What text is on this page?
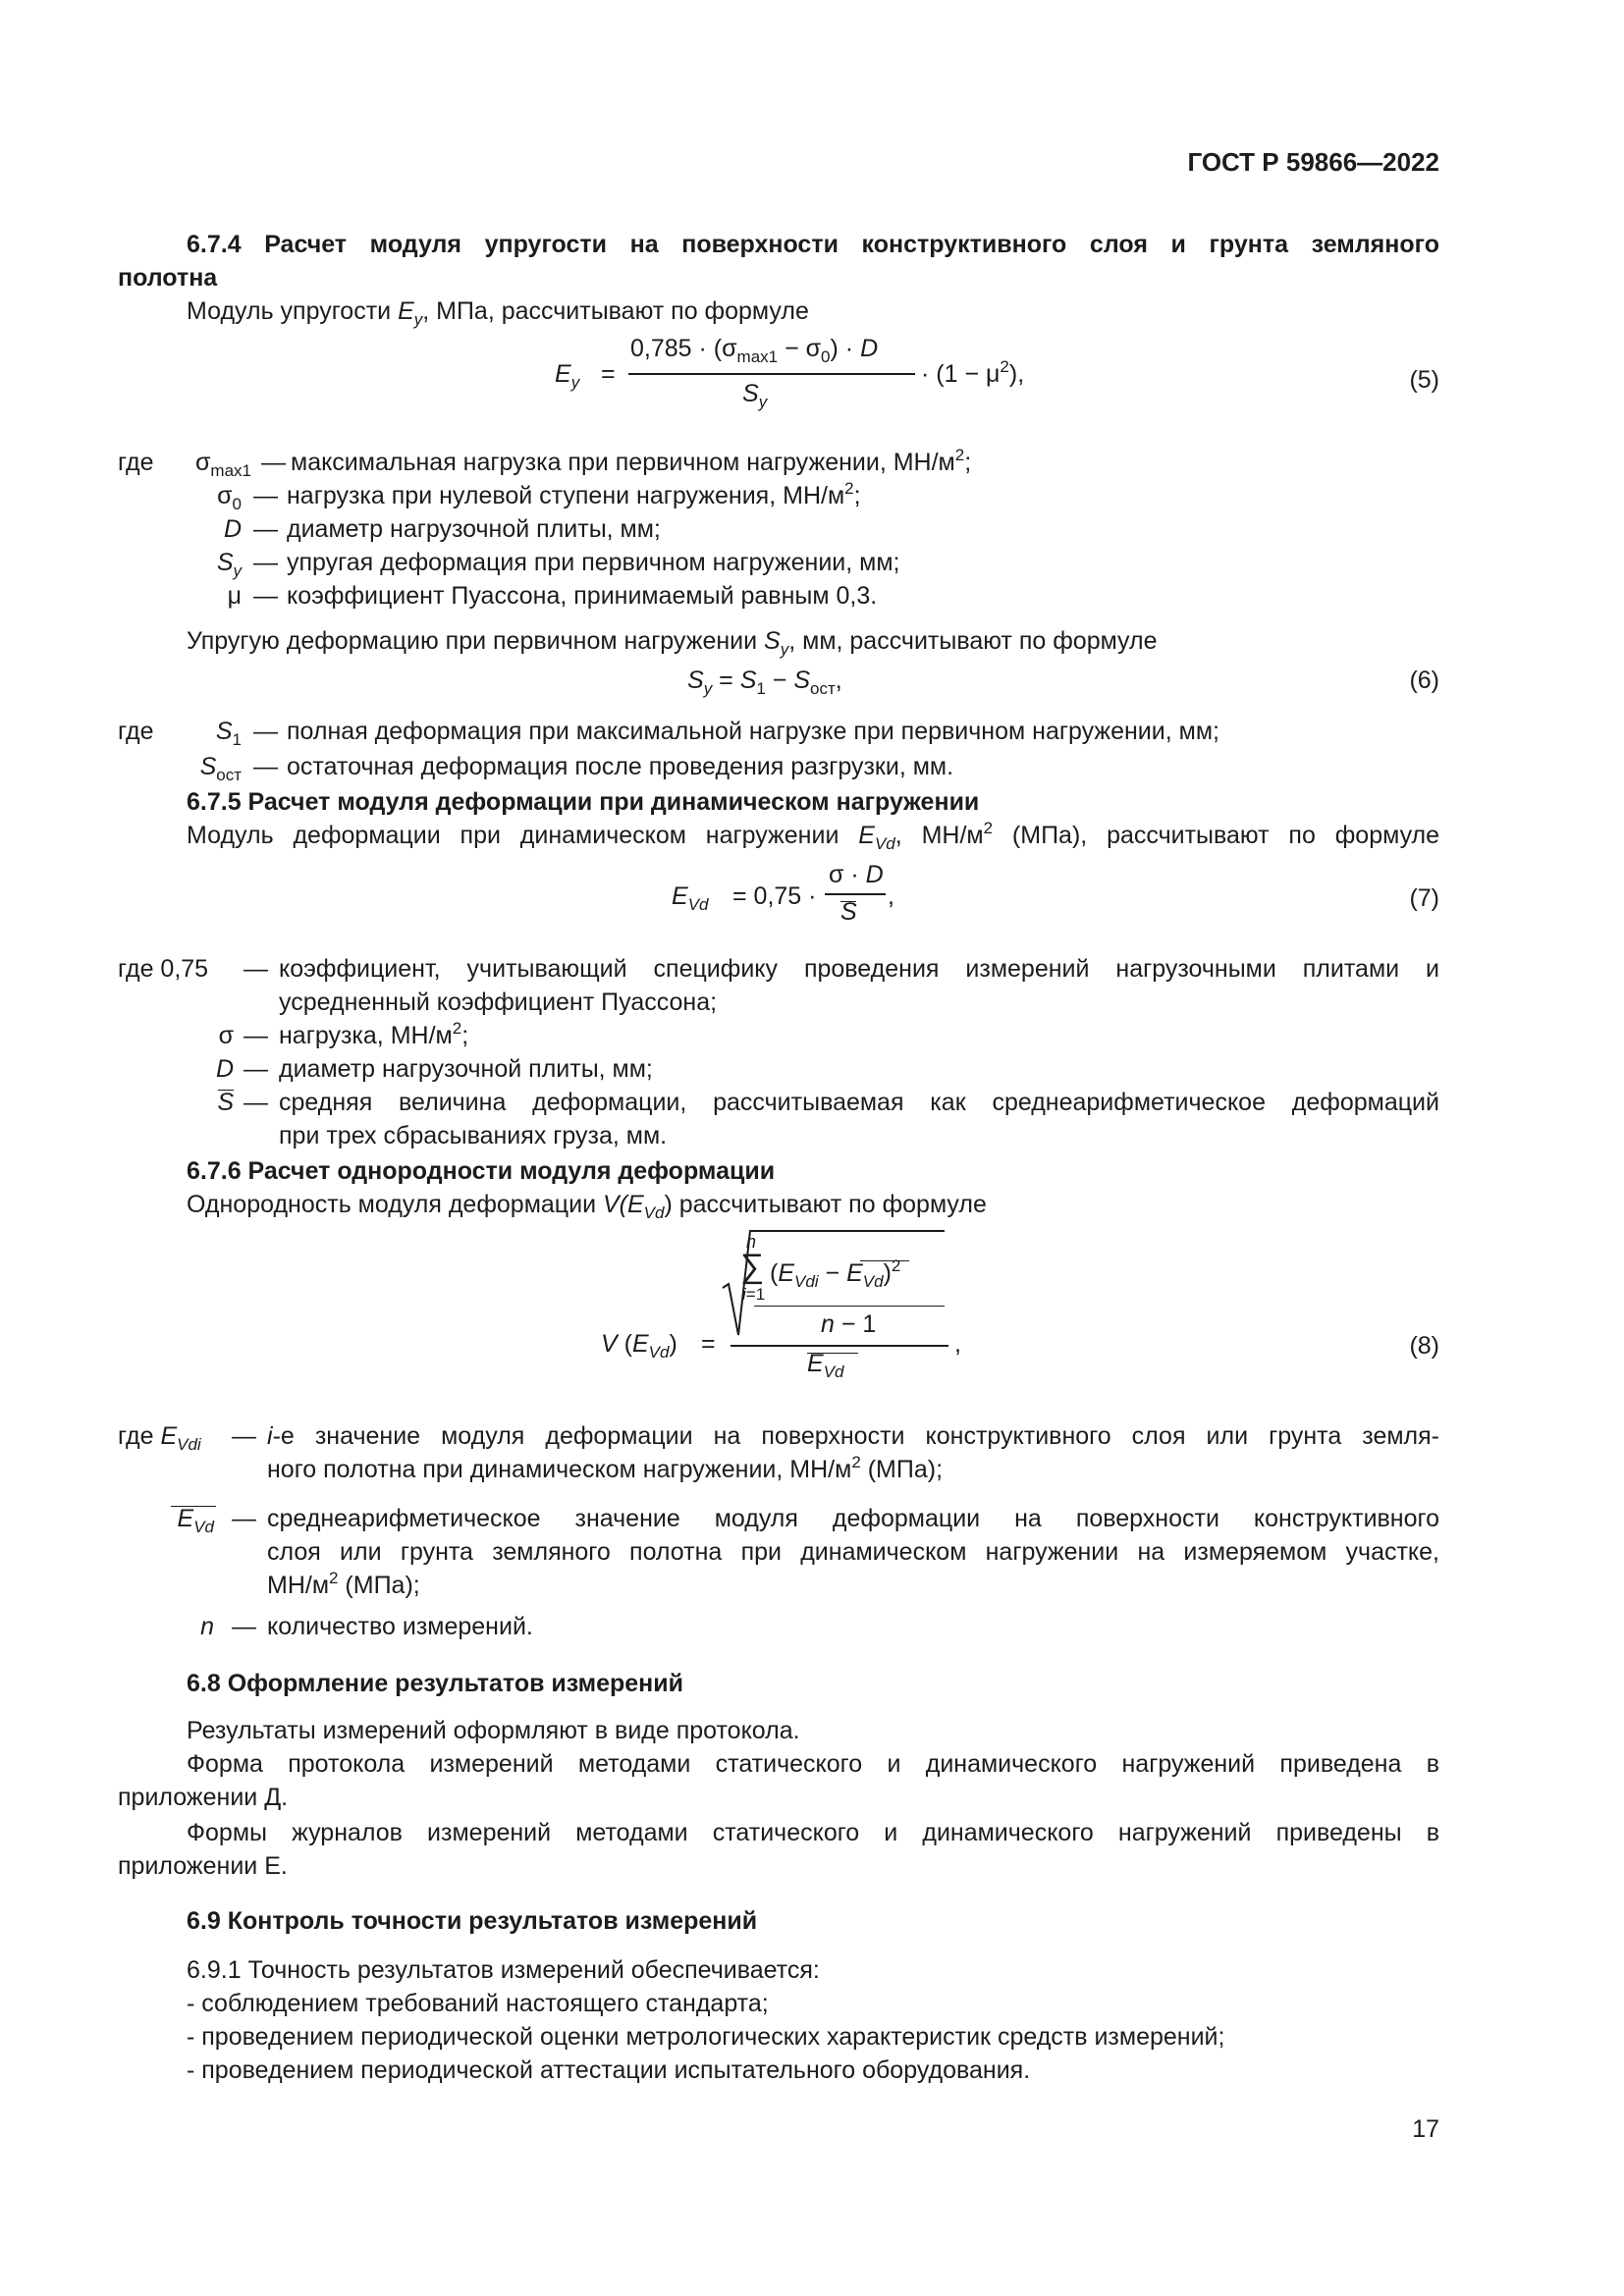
ГОСТ Р 59866—2022
6.7.4 Расчет модуля упругости на поверхности конструктивного слоя и грунта земляного
полотна
Модуль упругости $E_y$, МПа, рассчитывают по формуле
$E_y$ =
$0,785 \cdot (\sigma_{max1} - \sigma_0) \cdot D$
$S_y$
· $(1 - \mu^2)$,	(5)
где $\sigma_{max1}$ — максимальная нагрузка при первичном нагружении, $МН/м^2$;
$\sigma_0$ — нагрузка при нулевой ступени нагружения, $МН/м^2$;
D — диаметр нагрузочной плиты, мм;
$S_y$ — упругая деформация при первичном нагружении, мм;
μ — коэффициент Пуассона, принимаемый равным 0,3.
Упругую деформацию при первичном нагружении $S_y$, мм, рассчитывают по формуле
$S_y = S_1 - S_{ост}$,	(6)
где	$S_1$ — полная деформация при максимальной нагрузке при первичном нагружении, мм;
$S_{ост}$ — остаточная деформация после проведения разгрузки, мм.
6.7.5 Расчет модуля деформации при динамическом нагружении
Модуль деформации при динамическом нагружении $E_{Vd}$, $МН/м^2$ (МПа), рассчитывают по формуле
$E_{Vd} = 0,75$ ·
σ · D
S
,	(7)
где 0,75 — коэффициент, учитывающий специфику проведения измерений нагрузочными плитами и
усредненный коэффициент Пуассона;
σ — нагрузка, $МН/м^2$;
D — диаметр нагрузочной плиты, мм;
S — средняя величина деформации, рассчитываемая как среднеарифметическое деформаций
при трех сбрасываниях груза, мм.
6.7.6 Расчет однородности модуля деформации
Однородность модуля деформации $V(E_{Vd})$ рассчитывают по формуле
V $(E_{Vd})$ =
n
∑
i=1
$(E_{Vdi} - E_{Vd})^2$
n − 1
$E_{Vd}$
,	(8)
где $E_{Vdi}$ — i-е значение модуля деформации на поверхности конструктивного слоя или грунта земля-
ного полотна при динамическом нагружении, $МН/м^2$ (МПа);
$E_{Vd}$ — среднеарифметическое значение модуля деформации на поверхности конструктивного
слоя или грунта земляного полотна при динамическом нагружении на измеряемом участке,
$МН/м^2$ (МПа);
n — количество измерений.
6.8 Оформление результатов измерений
Результаты измерений оформляют в виде протокола.
Форма протокола измерений методами статического и динамического нагружений приведена в
приложении Д.
Формы журналов измерений методами статического и динамического нагружений приведены в
приложении Е.
6.9 Контроль точности результатов измерений
6.9.1 Точность результатов измерений обеспечивается:
- соблюдением требований настоящего стандарта;
- проведением периодической оценки метрологических характеристик средств измерений;
- проведением периодической аттестации испытательного оборудования.
17
